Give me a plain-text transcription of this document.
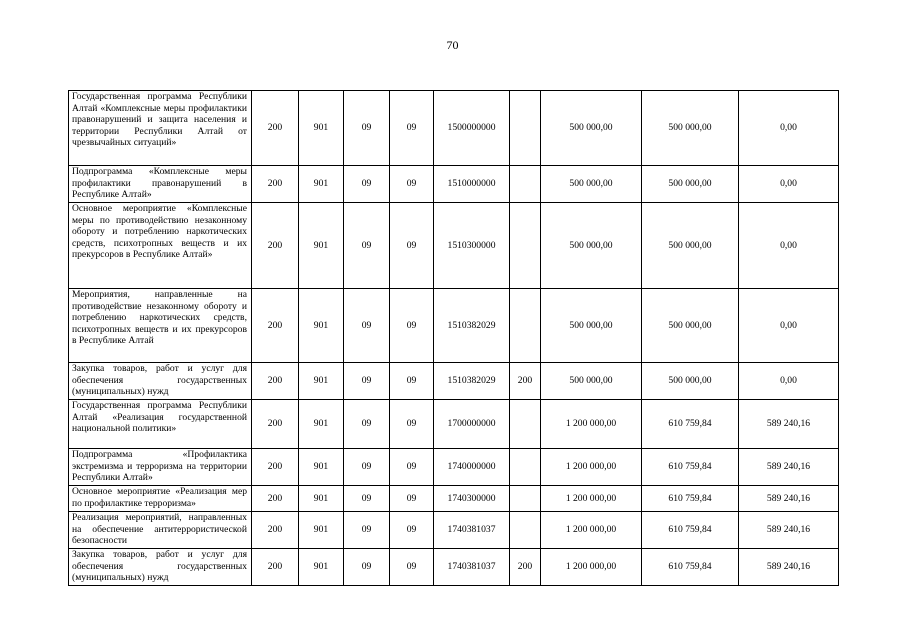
70
Государственная программа Республики Алтай «Комплексные меры профилактики правонарушений и защита населения и территории Республики Алтай от чрезвычайных ситуаций»	200	901	09	09	1500000000		500 000,00	500 000,00	0,00
Подпрограмма «Комплексные меры профилактики правонарушений в Республике Алтай»	200	901	09	09	1510000000		500 000,00	500 000,00	0,00
Основное мероприятие «Комплексные меры по противодействию незаконному обороту и потреблению наркотических средств, психотропных веществ и их прекурсоров в Республике Алтай»	200	901	09	09	1510300000		500 000,00	500 000,00	0,00
Мероприятия, направленные на противодействие незаконному обороту и потреблению наркотических средств, психотропных веществ и их прекурсоров в Республике Алтай	200	901	09	09	1510382029		500 000,00	500 000,00	0,00
Закупка товаров, работ и услуг для обеспечения государственных (муниципальных) нужд	200	901	09	09	1510382029	200	500 000,00	500 000,00	0,00
Государственная программа Республики Алтай «Реализация государственной национальной политики»	200	901	09	09	1700000000		1 200 000,00	610 759,84	589 240,16
Подпрограмма «Профилактика экстремизма и терроризма на территории Республики Алтай»	200	901	09	09	1740000000		1 200 000,00	610 759,84	589 240,16
Основное мероприятие «Реализация мер по профилактике терроризма»	200	901	09	09	1740300000		1 200 000,00	610 759,84	589 240,16
Реализация мероприятий, направленных на обеспечение антитеррористической безопасности	200	901	09	09	1740381037		1 200 000,00	610 759,84	589 240,16
Закупка товаров, работ и услуг для обеспечения государственных (муниципальных) нужд	200	901	09	09	1740381037	200	1 200 000,00	610 759,84	589 240,16
